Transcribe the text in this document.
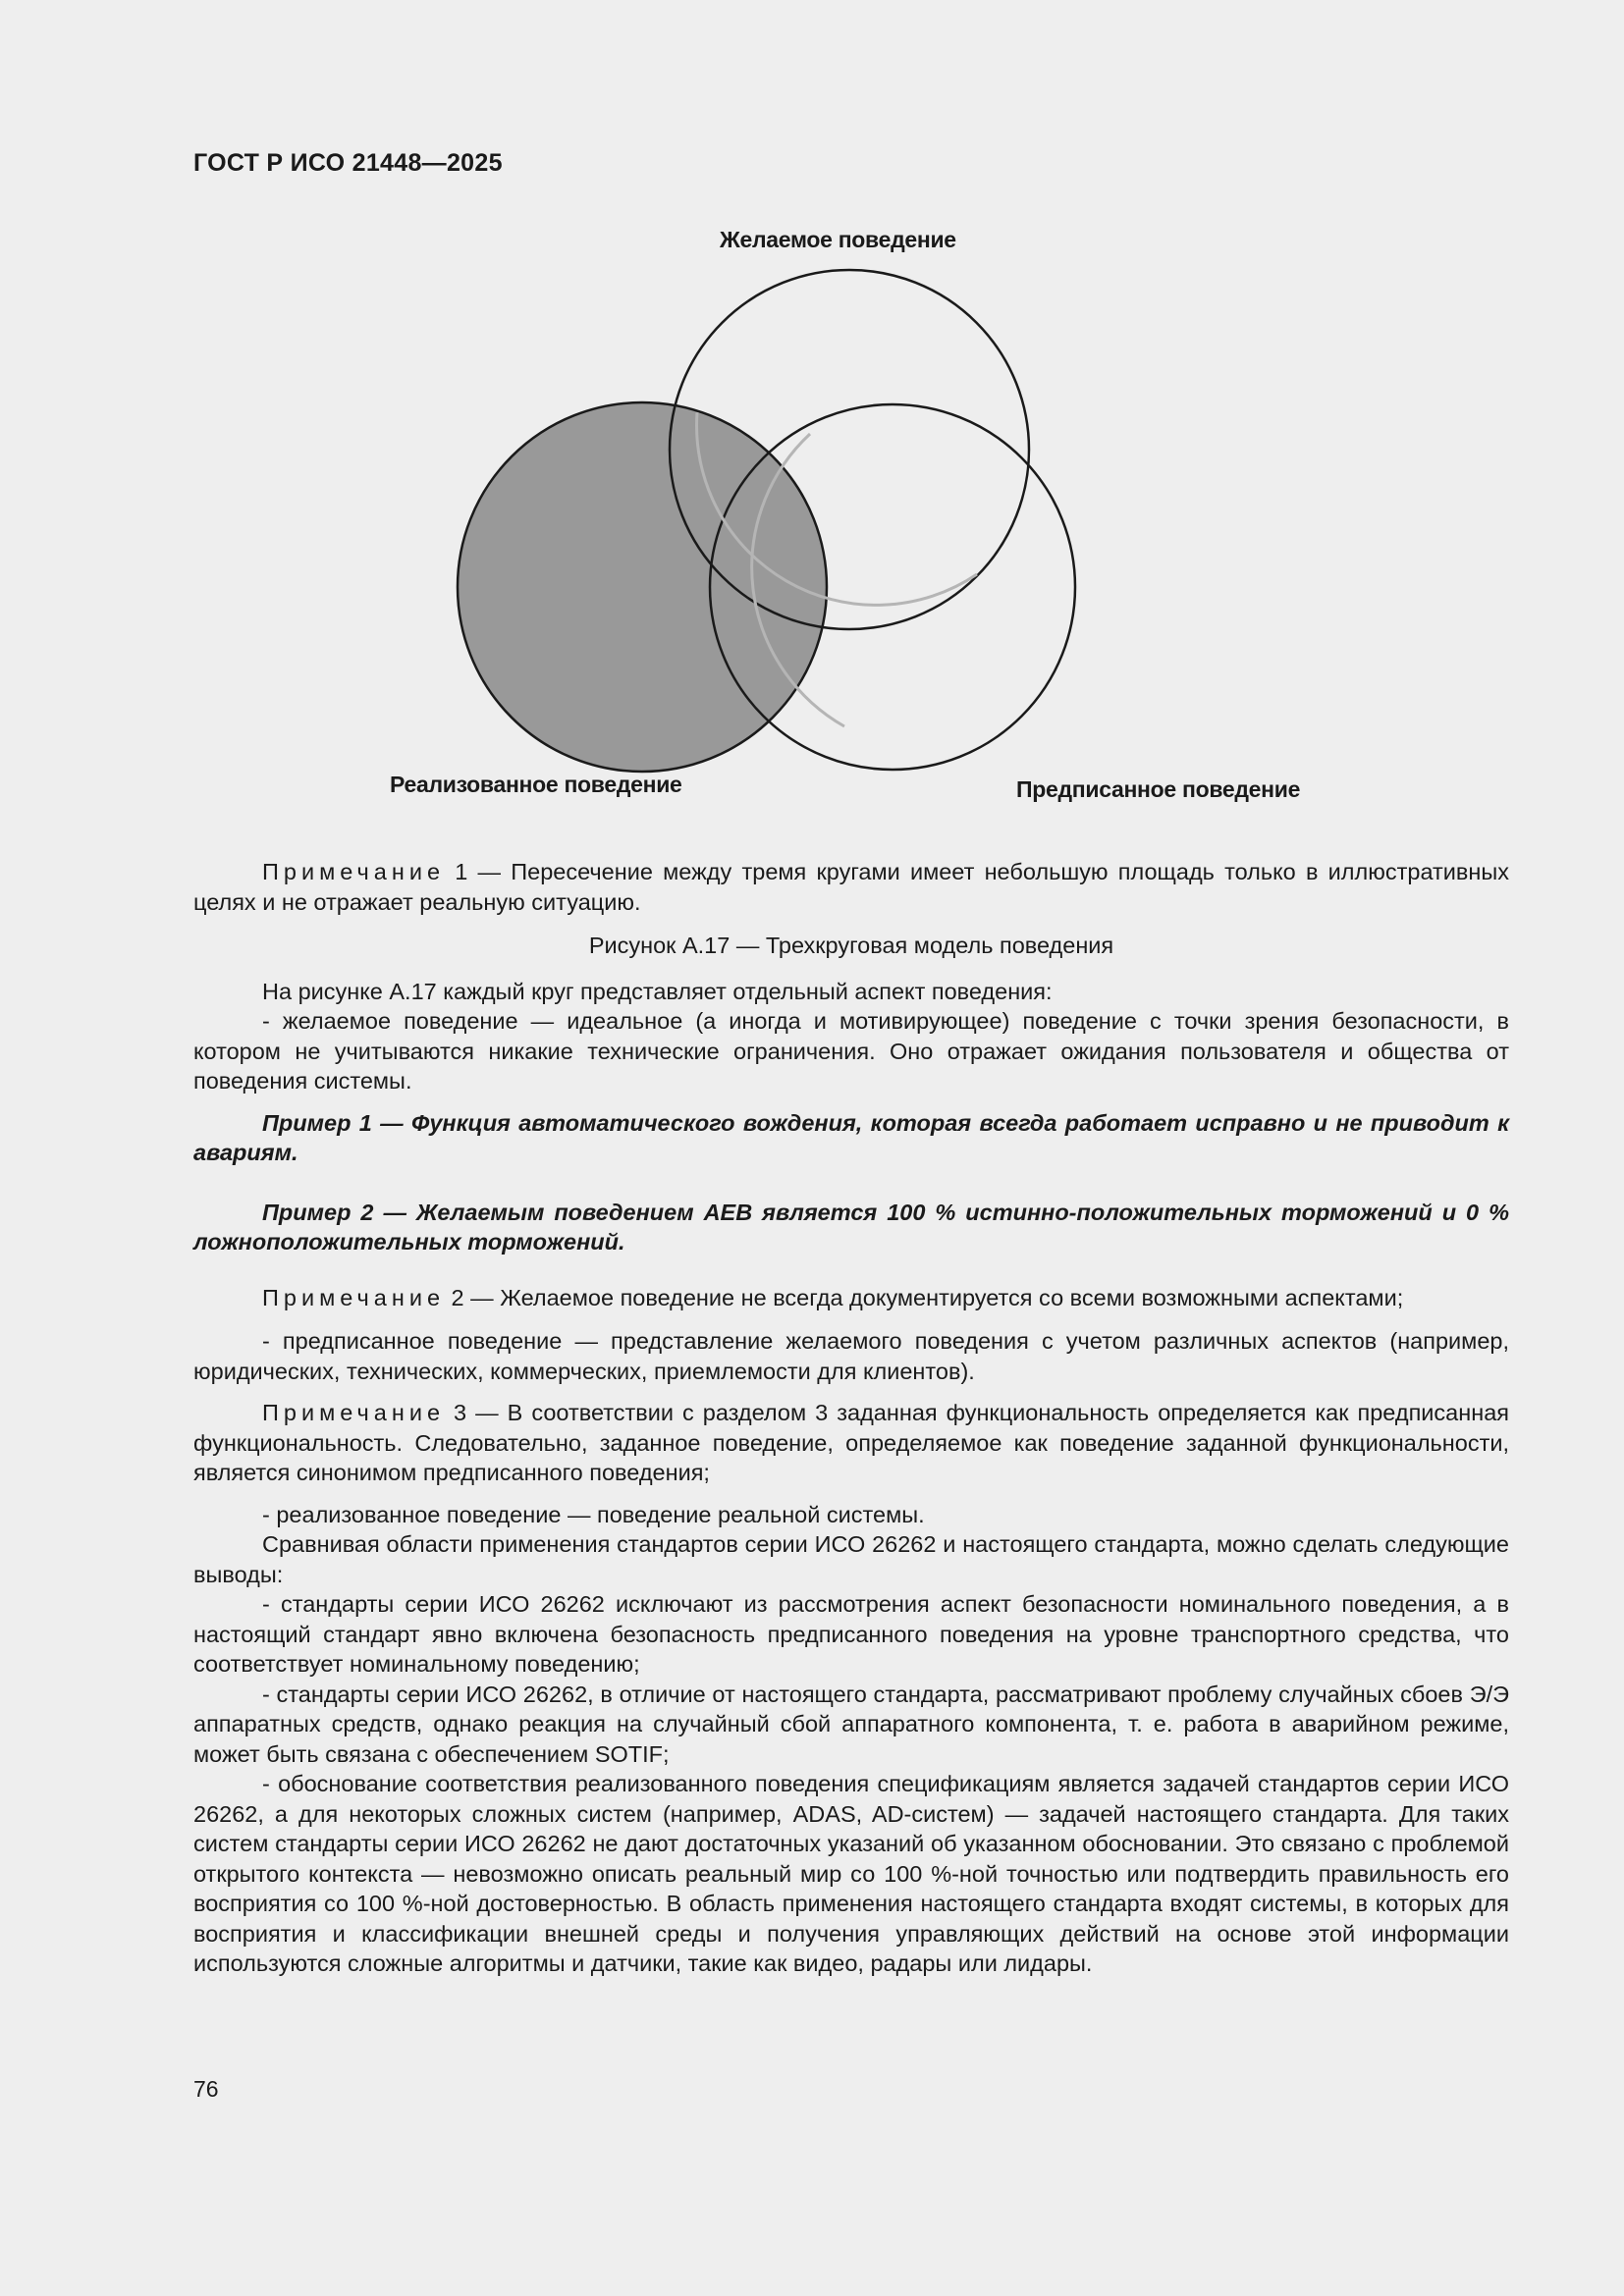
ГОСТ Р ИСО 21448—2025
Желаемое поведение
Реализованное поведение	Предписанное поведение

Примечание 1 — Пересечение между тремя кругами имеет небольшую площадь только в иллюстративных целях и не отражает реальную ситуацию.

Рисунок А.17 — Трехкруговая модель поведения

На рисунке А.17 каждый круг представляет отдельный аспект поведения:

- желаемое поведение — идеальное (а иногда и мотивирующее) поведение с точки зрения безопасности, в котором не учитываются никакие технические ограничения. Оно отражает ожидания пользователя и общества от поведения системы.

Пример 1 — Функция автоматического вождения, которая всегда работает исправно и не приводит к авариям.

Пример 2 — Желаемым поведением АЕВ является 100 % истинно-положительных торможений и 0 % ложноположительных торможений.

Примечание 2 — Желаемое поведение не всегда документируется со всеми возможными аспектами;

- предписанное поведение — представление желаемого поведения с учетом различных аспектов (например, юридических, технических, коммерческих, приемлемости для клиентов).

Примечание 3 — В соответствии с разделом 3 заданная функциональность определяется как предписанная функциональность. Следовательно, заданное поведение, определяемое как поведение заданной функциональности, является синонимом предписанного поведения;

- реализованное поведение — поведение реальной системы.

Сравнивая области применения стандартов серии ИСО 26262 и настоящего стандарта, можно сделать следующие выводы:

- стандарты серии ИСО 26262 исключают из рассмотрения аспект безопасности номинального поведения, а в настоящий стандарт явно включена безопасность предписанного поведения на уровне транспортного средства, что соответствует номинальному поведению;

- стандарты серии ИСО 26262, в отличие от настоящего стандарта, рассматривают проблему случайных сбоев Э/Э аппаратных средств, однако реакция на случайный сбой аппаратного компонента, т. е. работа в аварийном режиме, может быть связана с обеспечением SOTIF;

- обоснование соответствия реализованного поведения спецификациям является задачей стандартов серии ИСО 26262, а для некоторых сложных систем (например, ADAS, AD-систем) — задачей настоящего стандарта. Для таких систем стандарты серии ИСО 26262 не дают достаточных указаний об указанном обосновании. Это связано с проблемой открытого контекста — невозможно описать реальный мир со 100 %-ной точностью или подтвердить правильность его восприятия со 100 %-ной достоверностью. В область применения настоящего стандарта входят системы, в которых для восприятия и классификации внешней среды и получения управляющих действий на основе этой информации используются сложные алгоритмы и датчики, такие как видео, радары или лидары.

76
